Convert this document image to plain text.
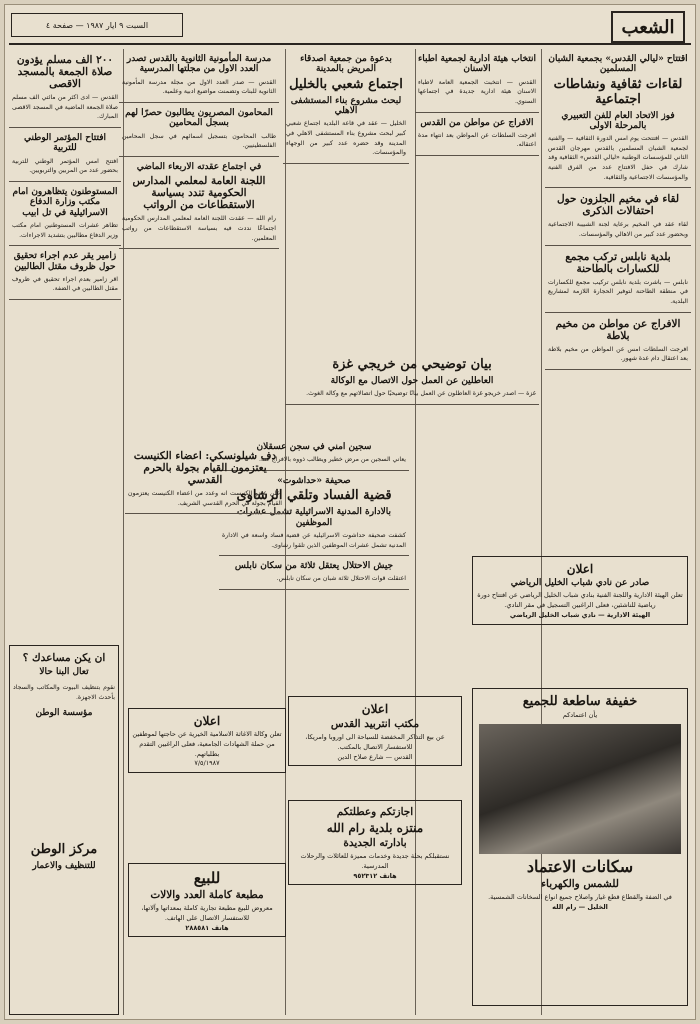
الشعب
السبت ٩ ايار ١٩٨٧ — صفحة ٤
اقتتاح «ليالي القدس» بجمعية الشبان المسلمين
لقاءات ثقافية ونشاطات اجتماعية
فوز الاتحاد العام للفن التعبيري بالمرحلة الاولى
القدس — افتتحت يوم امس الدورة الثقافية — والفنية لجمعية الشبان المسلمين بالقدس مهرجان القدس الثاني للمؤسسات الوطنية «ليالي القدس» الثقافية وقد شارك في حفل الافتتاح عدد من الفرق الفنية والمؤسسات الاجتماعية والثقافية.
لقاء في مخيم الجلزون حول احتفالات الذكرى
لقاء عقد في المخيم برعاية لجنة الشبيبة الاجتماعية وبحضور عدد كبير من الاهالي والمؤسسات.
بلدية نابلس تركب مجمع للكسارات بالطاحنة
نابلس — باشرت بلدية نابلس تركيب مجمع للكسارات في منطقة الطاحنة لتوفير الحجارة اللازمة لمشاريع البلدية.
الافراج عن مواطن من مخيم بلاطة
افرجت السلطات امس عن المواطن من مخيم بلاطة بعد اعتقال دام عدة شهور.
انتخاب هيئة ادارية لجمعية اطباء الاسنان
القدس — انتخبت الجمعية العامة لاطباء الاسنان هيئة ادارية جديدة في اجتماعها السنوي.
الافراج عن مواطن من القدس
افرجت السلطات عن المواطن بعد انتهاء مدة اعتقاله.
بدعوة من جمعية اصدقاء المريض بالمدينة
اجتماع شعبي بالخليل
لبحث مشروع بناء المستشفى الاهلي
الخليل — عقد في قاعة البلدية اجتماع شعبي كبير لبحث مشروع بناء المستشفى الاهلي في المدينة وقد حضره عدد كبير من الوجهاء والمؤسسات.
مدرسة المأمونية الثانوية بالقدس تصدر العدد الاول من مجلتها المدرسية
القدس — صدر العدد الاول من مجلة مدرسة المأمونية الثانوية للبنات وتضمنت مواضيع ادبية وعلمية.
المحامون المصريون يطالبون حصرًا لهم بسجل المحامين
طالب المحامون بتسجيل اسمائهم في سجل المحامين الفلسطينيين.
في اجتماع عقدته الاربعاء الماضي
اللجنة العامة لمعلمي المدارس الحكومية تندد بسياسة الاستقطاعات من الرواتب
رام الله — عقدت اللجنة العامة لمعلمي المدارس الحكومية اجتماعًا نددت فيه بسياسة الاستقطاعات من رواتب المعلمين.
٢٠٠ الف مسلم يؤدون صلاة الجمعة بالمسجد الاقصى
القدس — ادى اكثر من مائتي الف مسلم صلاة الجمعة الماضية في المسجد الاقصى المبارك.
افتتاح المؤتمر الوطني للتربية
افتتح امس المؤتمر الوطني للتربية بحضور عدد من المربين والتربويين.
المستوطنون يتظاهرون امام مكتب وزارة الدفاع الاسرائيلية في تل ابيب
تظاهر عشرات المستوطنين امام مكتب وزير الدفاع مطالبين بتشديد الاجراءات.
زامير يقر عدم اجراء تحقيق حول ظروف مقتل الطالبين
اقر زامير بعدم اجراء تحقيق في ظروف مقتل الطالبين في الضفة.
بيان توضيحي من خريجي غزة
العاطلين عن العمل حول الاتصال مع الوكالة
غزة — اصدر خريجو غزة العاطلون عن العمل بيانًا توضيحيًا حول اتصالاتهم مع وكالة الغوث.
سجين امني في سجن عسقلان
يعاني السجين من مرض خطير ويطالب ذووه بالافراج عنه.
صحيفة «حداشوت»
قضية الفساد وتلقي الرشاوى
بالادارة المدنية الاسرائيلية تشمل عشرات الموظفين
كشفت صحيفة حداشوت الاسرائيلية عن قضية فساد واسعة في الادارة المدنية تشمل عشرات الموظفين الذين تلقوا رشاوى.
جيش الاحتلال يعتقل ثلاثة من سكان نابلس
اعتقلت قوات الاحتلال ثلاثة شبان من سكان نابلس.
دف شيلونسكي: اعضاء الكنيست يعتزمون القيام بجولة بالحرم القدسي
اعلن عضو الكنيست انه وعدد من اعضاء الكنيست يعتزمون القيام بجولة في الحرم القدسي الشريف.
اعلان
صادر عن نادي شباب الخليل الرياضي
تعلن الهيئة الادارية واللجنة الفنية بنادي شباب الخليل الرياضي عن افتتاح دورة رياضية للناشئين، فعلى الراغبين التسجيل في مقر النادي.
الهيئة الادارية — نادي شباب الخليل الرياضي
خفيفة ساطعة للجميع
يأن اعتمادكم
سكانات الاعتماد
للشمس والكهرباء
في الضفة والقطاع قطع غيار واصلاح جميع انواع السخانات الشمسية.
الخليل — رام الله
اعلان
مكتب انتربيد القدس
عن بيع التذاكر المخفضة للسياحة الى اوروبا وامريكا، للاستفسار الاتصال بالمكتب.
القدس — شارع صلاح الدين
اجازتكم وعطلتكم
منتزه بلدية رام الله
بادارته الجديدة
نستقبلكم بحلة جديدة وخدمات مميزة للعائلات والرحلات المدرسية.
هاتف ٩٥٢٣١٢
اعلان
تعلن وكالة الاغاثة الاسلامية الخيرية عن حاجتها لموظفين من حملة الشهادات الجامعية، فعلى الراغبين التقدم بطلباتهم.
٧/٥/١٩٨٧
للبيع
مطبعة كاملة العدد والالات
معروض للبيع مطبعة تجارية كاملة بمعداتها وآلاتها، للاستفسار الاتصال على الهاتف.
هاتف ٢٨٨٥٨١
ان يكن مساعدك ؟
تعال البنا حالا
نقوم بتنظيف البيوت والمكاتب والسجاد بأحدث الاجهزة.
مؤسسة الوطن
مركز الوطن
للتنظيف والاعمار
